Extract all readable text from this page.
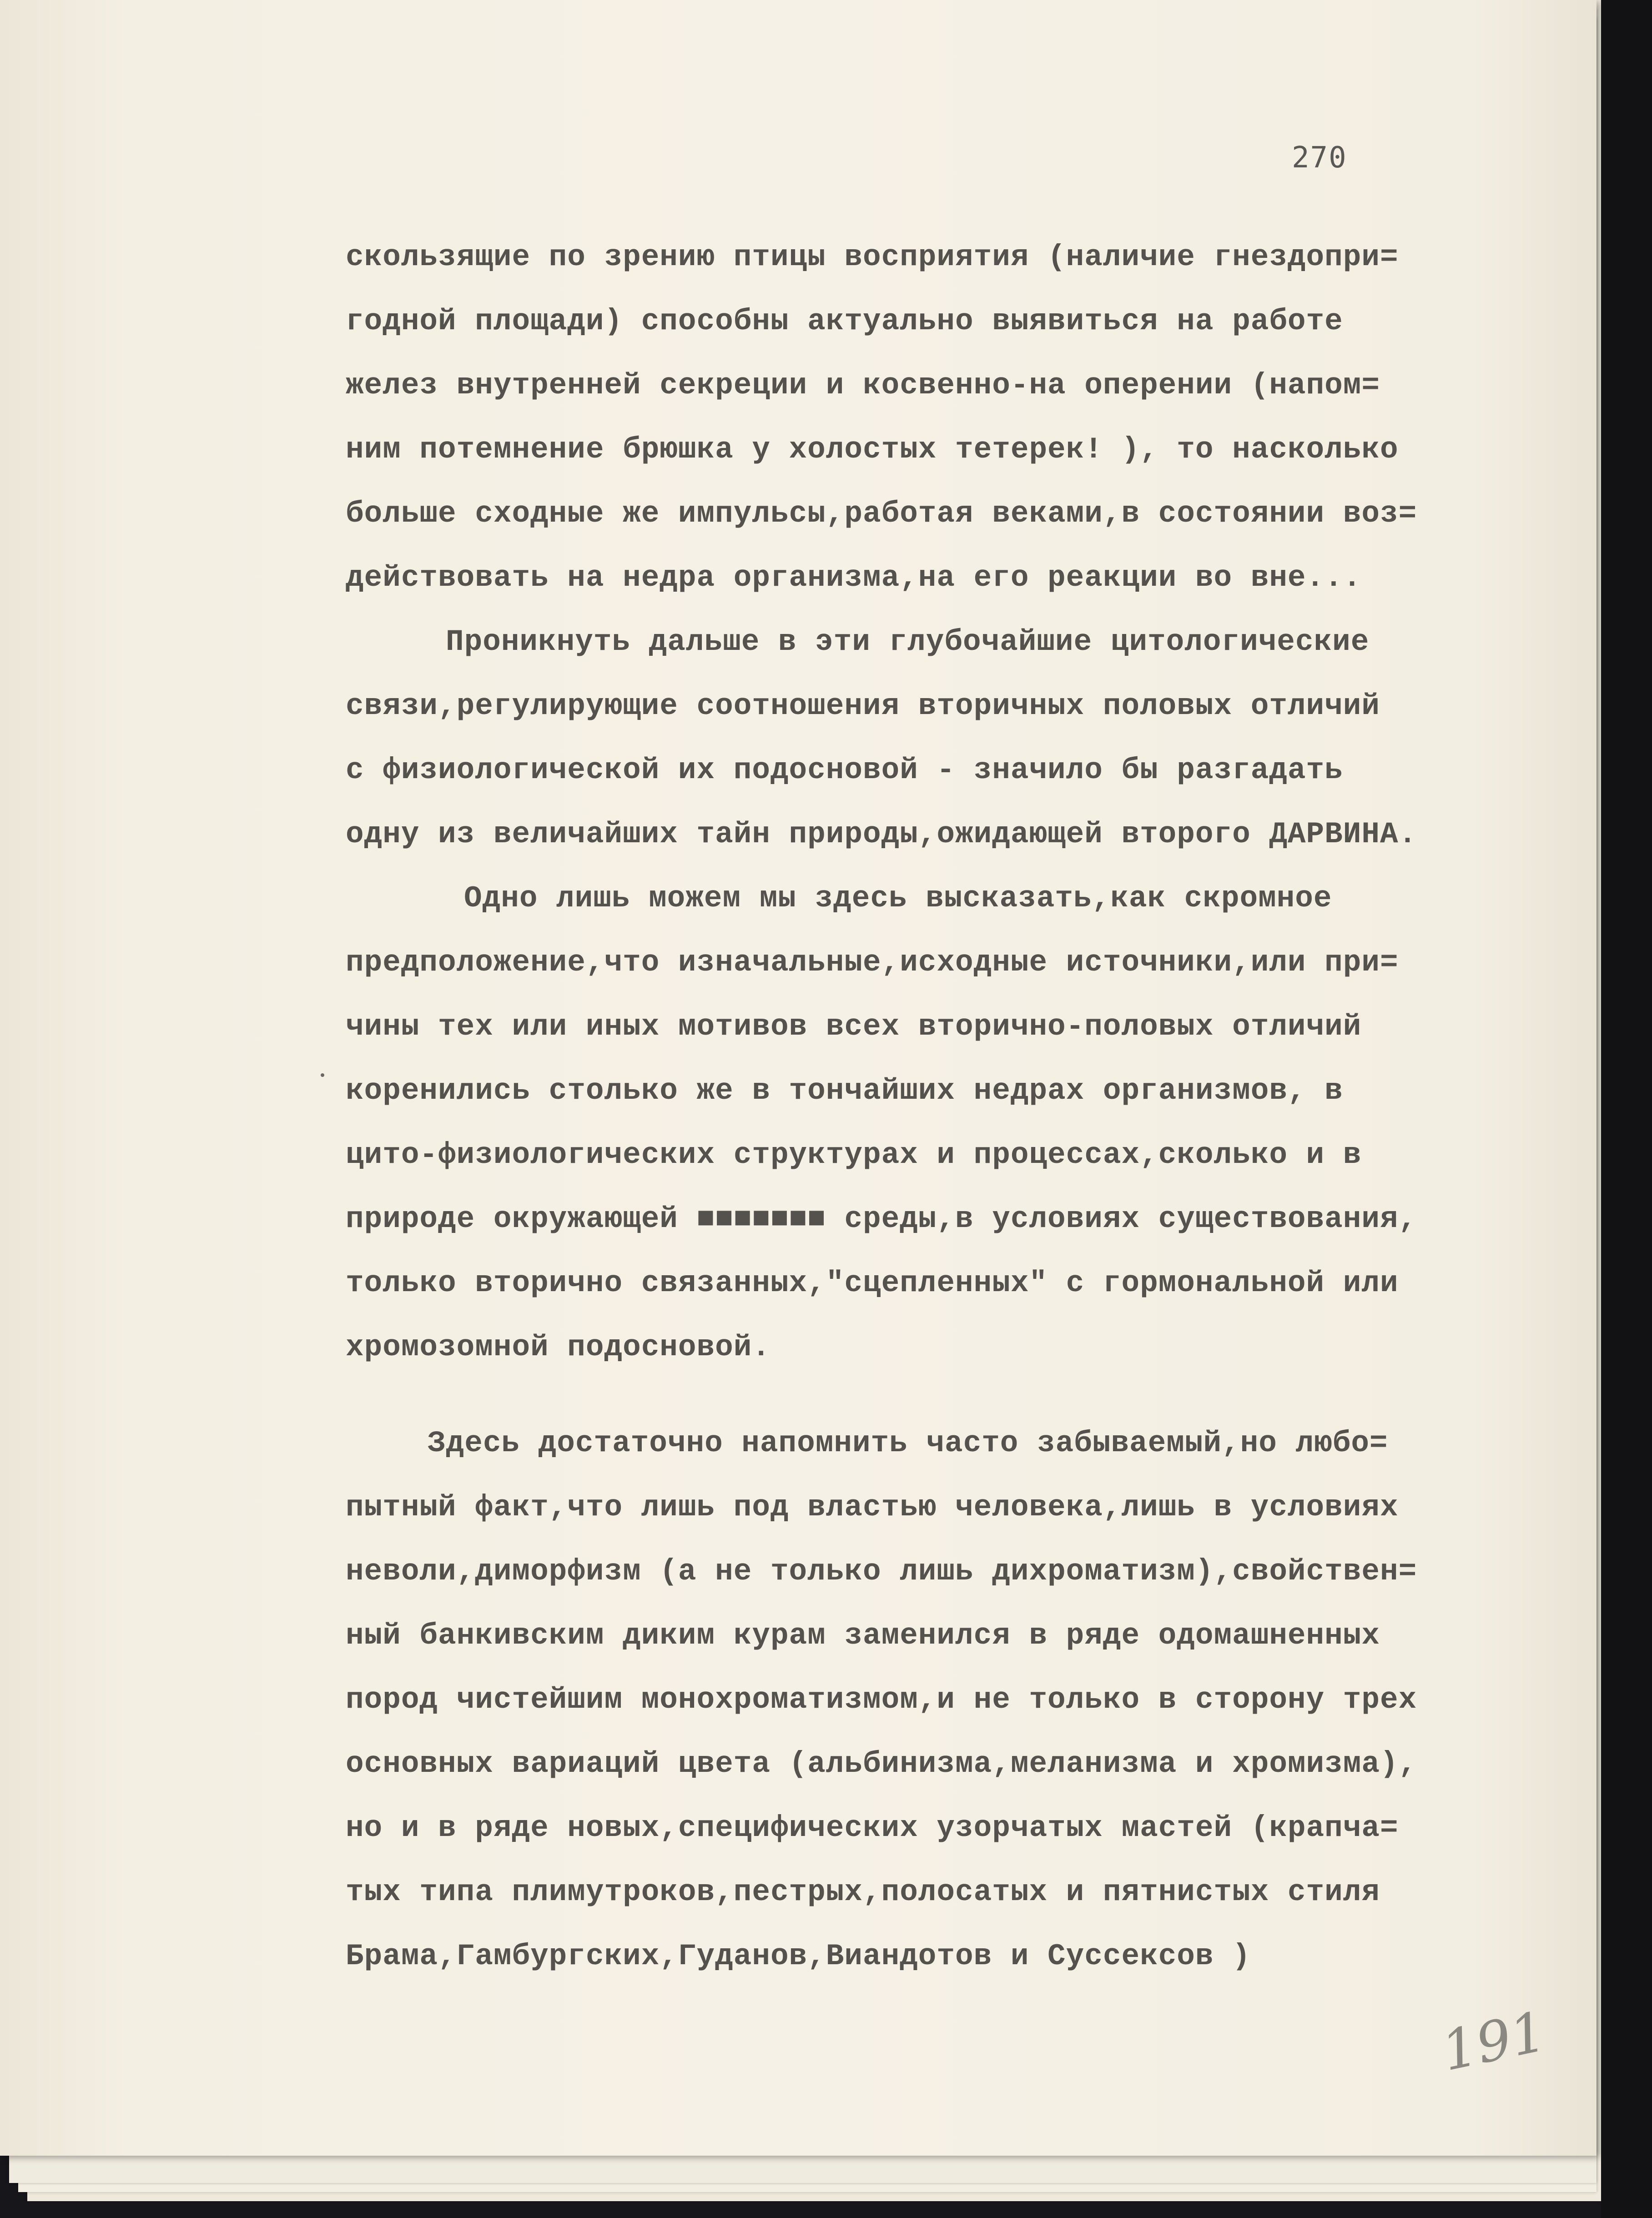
270
скользящие по зрению птицы восприятия (наличие гнездопри=
годной площади) способны актуально выявиться на работе
желез внутренней секреции и косвенно-на оперении (напом=
ним потемнение брюшка у холостых тетерек! ), то насколько
больше сходные же импульсы,работая веками,в состоянии воз=
действовать на недра организма,на его реакции во вне...
Проникнуть дальше в эти глубочайшие цитологические
связи,регулирующие соотношения вторичных половых отличий
с физиологической их подосновой - значило бы разгадать
одну из величайших тайн природы,ожидающей второго ДАРВИНА.
Одно лишь можем мы здесь высказать,как скромное
предположение,что изначальные,исходные источники,или при=
чины тех или иных мотивов всех вторично-половых отличий
коренились столько же в тончайших недрах организмов, в
цито-физиологических структурах и процессах,сколько и в
природе окружающей ■■■■■■■ среды,в условиях существования,
только вторично связанных,"сцепленных" с гормональной или
хромозомной подосновой.
Здесь достаточно напомнить часто забываемый,но любо=
пытный факт,что лишь под властью человека,лишь в условиях
неволи,диморфизм (а не только лишь дихроматизм),свойствен=
ный банкивским диким курам заменился в ряде одомашненных
пород чистейшим монохроматизмом,и не только в сторону трех
основных вариаций цвета (альбинизма,меланизма и хромизма),
но и в ряде новых,специфических узорчатых мастей (крапча=
тых типа плимутроков,пестрых,полосатых и пятнистых стиля
Брама,Гамбургских,Гуданов,Виандотов и Суссексов )
191
